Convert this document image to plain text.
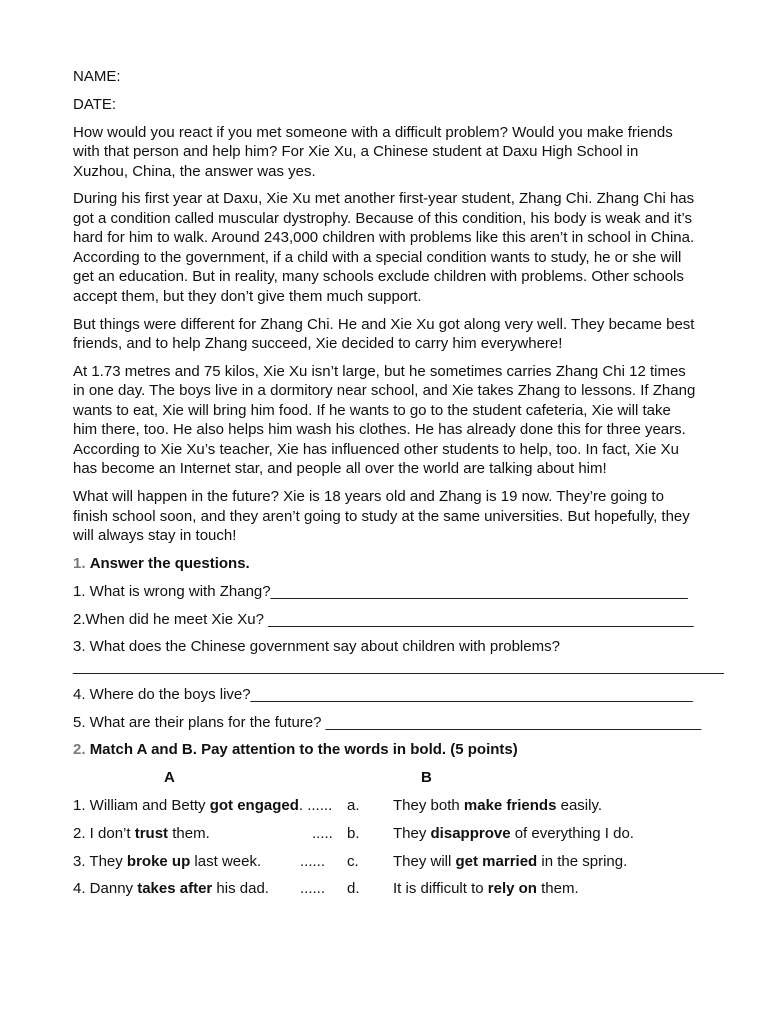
NAME:
DATE:

How would you react if you met someone with a difficult problem? Would you make friends with that person and help him? For Xie Xu, a Chinese student at Daxu High School in Xuzhou, China, the answer was yes.

During his first year at Daxu, Xie Xu met another first-year student, Zhang Chi. Zhang Chi has got a condition called muscular dystrophy. Because of this condition, his body is weak and it’s hard for him to walk. Around 243,000 children with problems like this aren’t in school in China. According to the government, if a child with a special condition wants to study, he or she will get an education. But in reality, many schools exclude children with problems. Other schools accept them, but they don’t give them much support.

But things were different for Zhang Chi. He and Xie Xu got along very well. They became best friends, and to help Zhang succeed, Xie decided to carry him everywhere!

At 1.73 metres and 75 kilos, Xie Xu isn’t large, but he sometimes carries Zhang Chi 12 times in one day. The boys live in a dormitory near school, and Xie takes Zhang to lessons. If Zhang wants to eat, Xie will bring him food. If he wants to go to the student cafeteria, Xie will take him there, too. He also helps him wash his clothes. He has already done this for three years. According to Xie Xu’s teacher, Xie has influenced other students to help, too. In fact, Xie Xu has become an Internet star, and people all over the world are talking about him!

What will happen in the future? Xie is 18 years old and Zhang is 19 now. They’re going to finish school soon, and they aren’t going to study at the same universities. But hopefully, they will always stay in touch!

1. Answer the questions.
1. What is wrong with Zhang?__________________________________________________
2.When did he meet Xie Xu? ___________________________________________________
3. What does the Chinese government say about children with problems?
______________________________________________________________________________
4. Where do the boys live?_____________________________________________________
5. What are their plans for the future? _____________________________________________
2. Match A and B. Pay attention to the words in bold. (5 points)
A	B
1. William and Betty got engaged. ...... a. They both make friends easily.
2. I don’t trust them.	..... b. They disapprove of everything I do.
3. They broke up last week.	...... c. They will get married in the spring.
4. Danny takes after his dad. ...... d. It is difficult to rely on them.
